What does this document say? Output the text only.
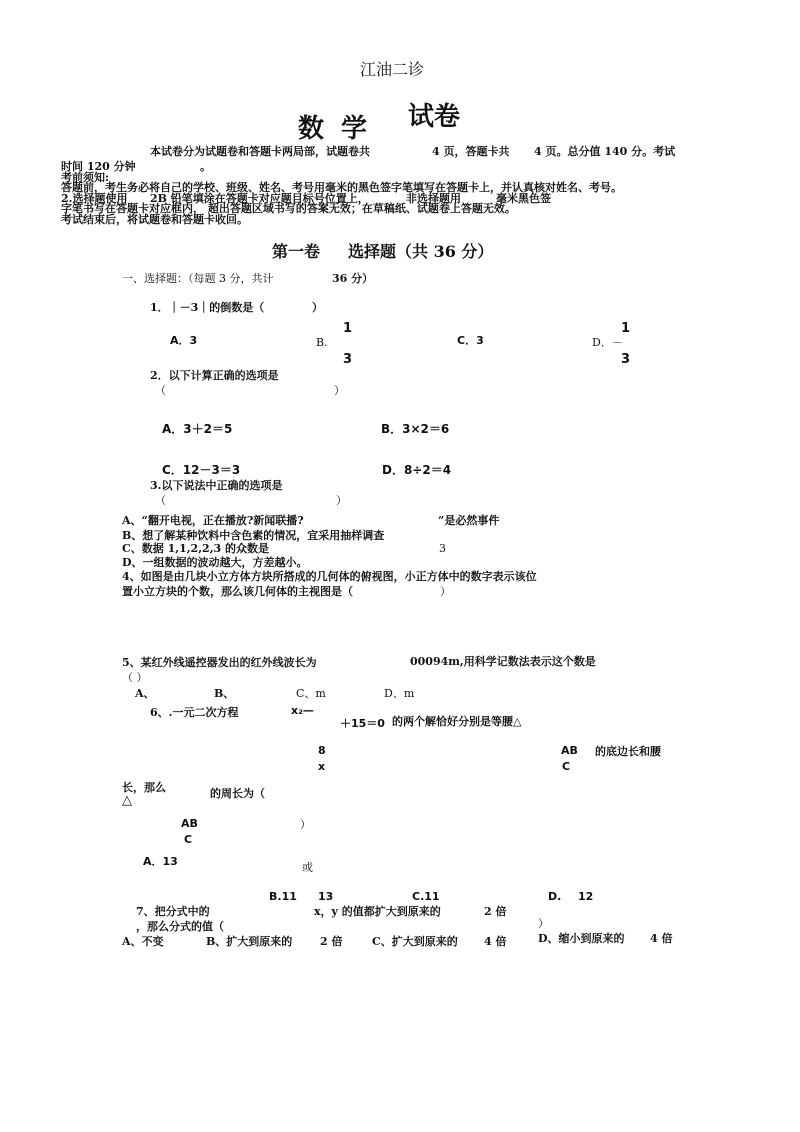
江油二诊
数 学 试卷
本试卷分为试题卷和答题卡两局部，试题卷共	4 页，答题卡共 4 页。总分值 140 分。考试
时间 120 分钟	。
考前须知:
答题前，考生务必将自己的学校、班级、姓名、考号用毫米的黑色签字笔填写在答题卡上，并认真核对姓名、考号。
2.选择题使用 2B 铅笔填涂在答题卡对应题目标号位置上，	非选择题用	毫米黑色签
字笔书写在答题卡对应框内， 超出答题区域书写的答案无效；在草稿纸、试题卷上答题无效。
考试结束后，将试题卷和答题卡收回。
第一卷 选择题（共 36 分）
一、选择题：（每题 3 分，共计	36 分）
1．｜－3｜的倒数是（	）
A．3	B.
1
3
C．3	D．－
1
3
2．以下计算正确的选项是
（	）
A．3＋2＝5	B．3×2＝6
C．12－3＝3	D．8÷2＝4
3.以下说法中正确的选项是
（	）
A、“翻开电视，正在播放?新闻联播?	”是必然事件
B、想了解某种饮料中含色素的情况，宜采用抽样调查
C、数据 1,1,2,2,3 的众数是	3
D、一组数据的波动越大，方差越小。
4、如图是由几块小立方体方块所搭成的几何体的俯视图，小正方体中的数字表示该位
置小立方块的个数，那么该几何体的主视图是（	）
5、某红外线遥控器发出的红外线波长为	00094m,用科学记数法表示这个数是
（ ）
A、	B、	C、m	D、m
6、.一元二次方程	x₂—
＋15＝0 的两个解恰好分别是等腰△
8
x
AB
C
的底边长和腰
长，那么
△	的周长为（
AB
C
）
A．13	或
B.11 13	C.11	D. 12
7、把分式中的	x，y 的值都扩大到原来的	2 倍
，那么分式的值（	）
A、不变	B、扩大到原来的	2 倍	C、扩大到原来的 4 倍	D、缩小到原来的 4 倍
